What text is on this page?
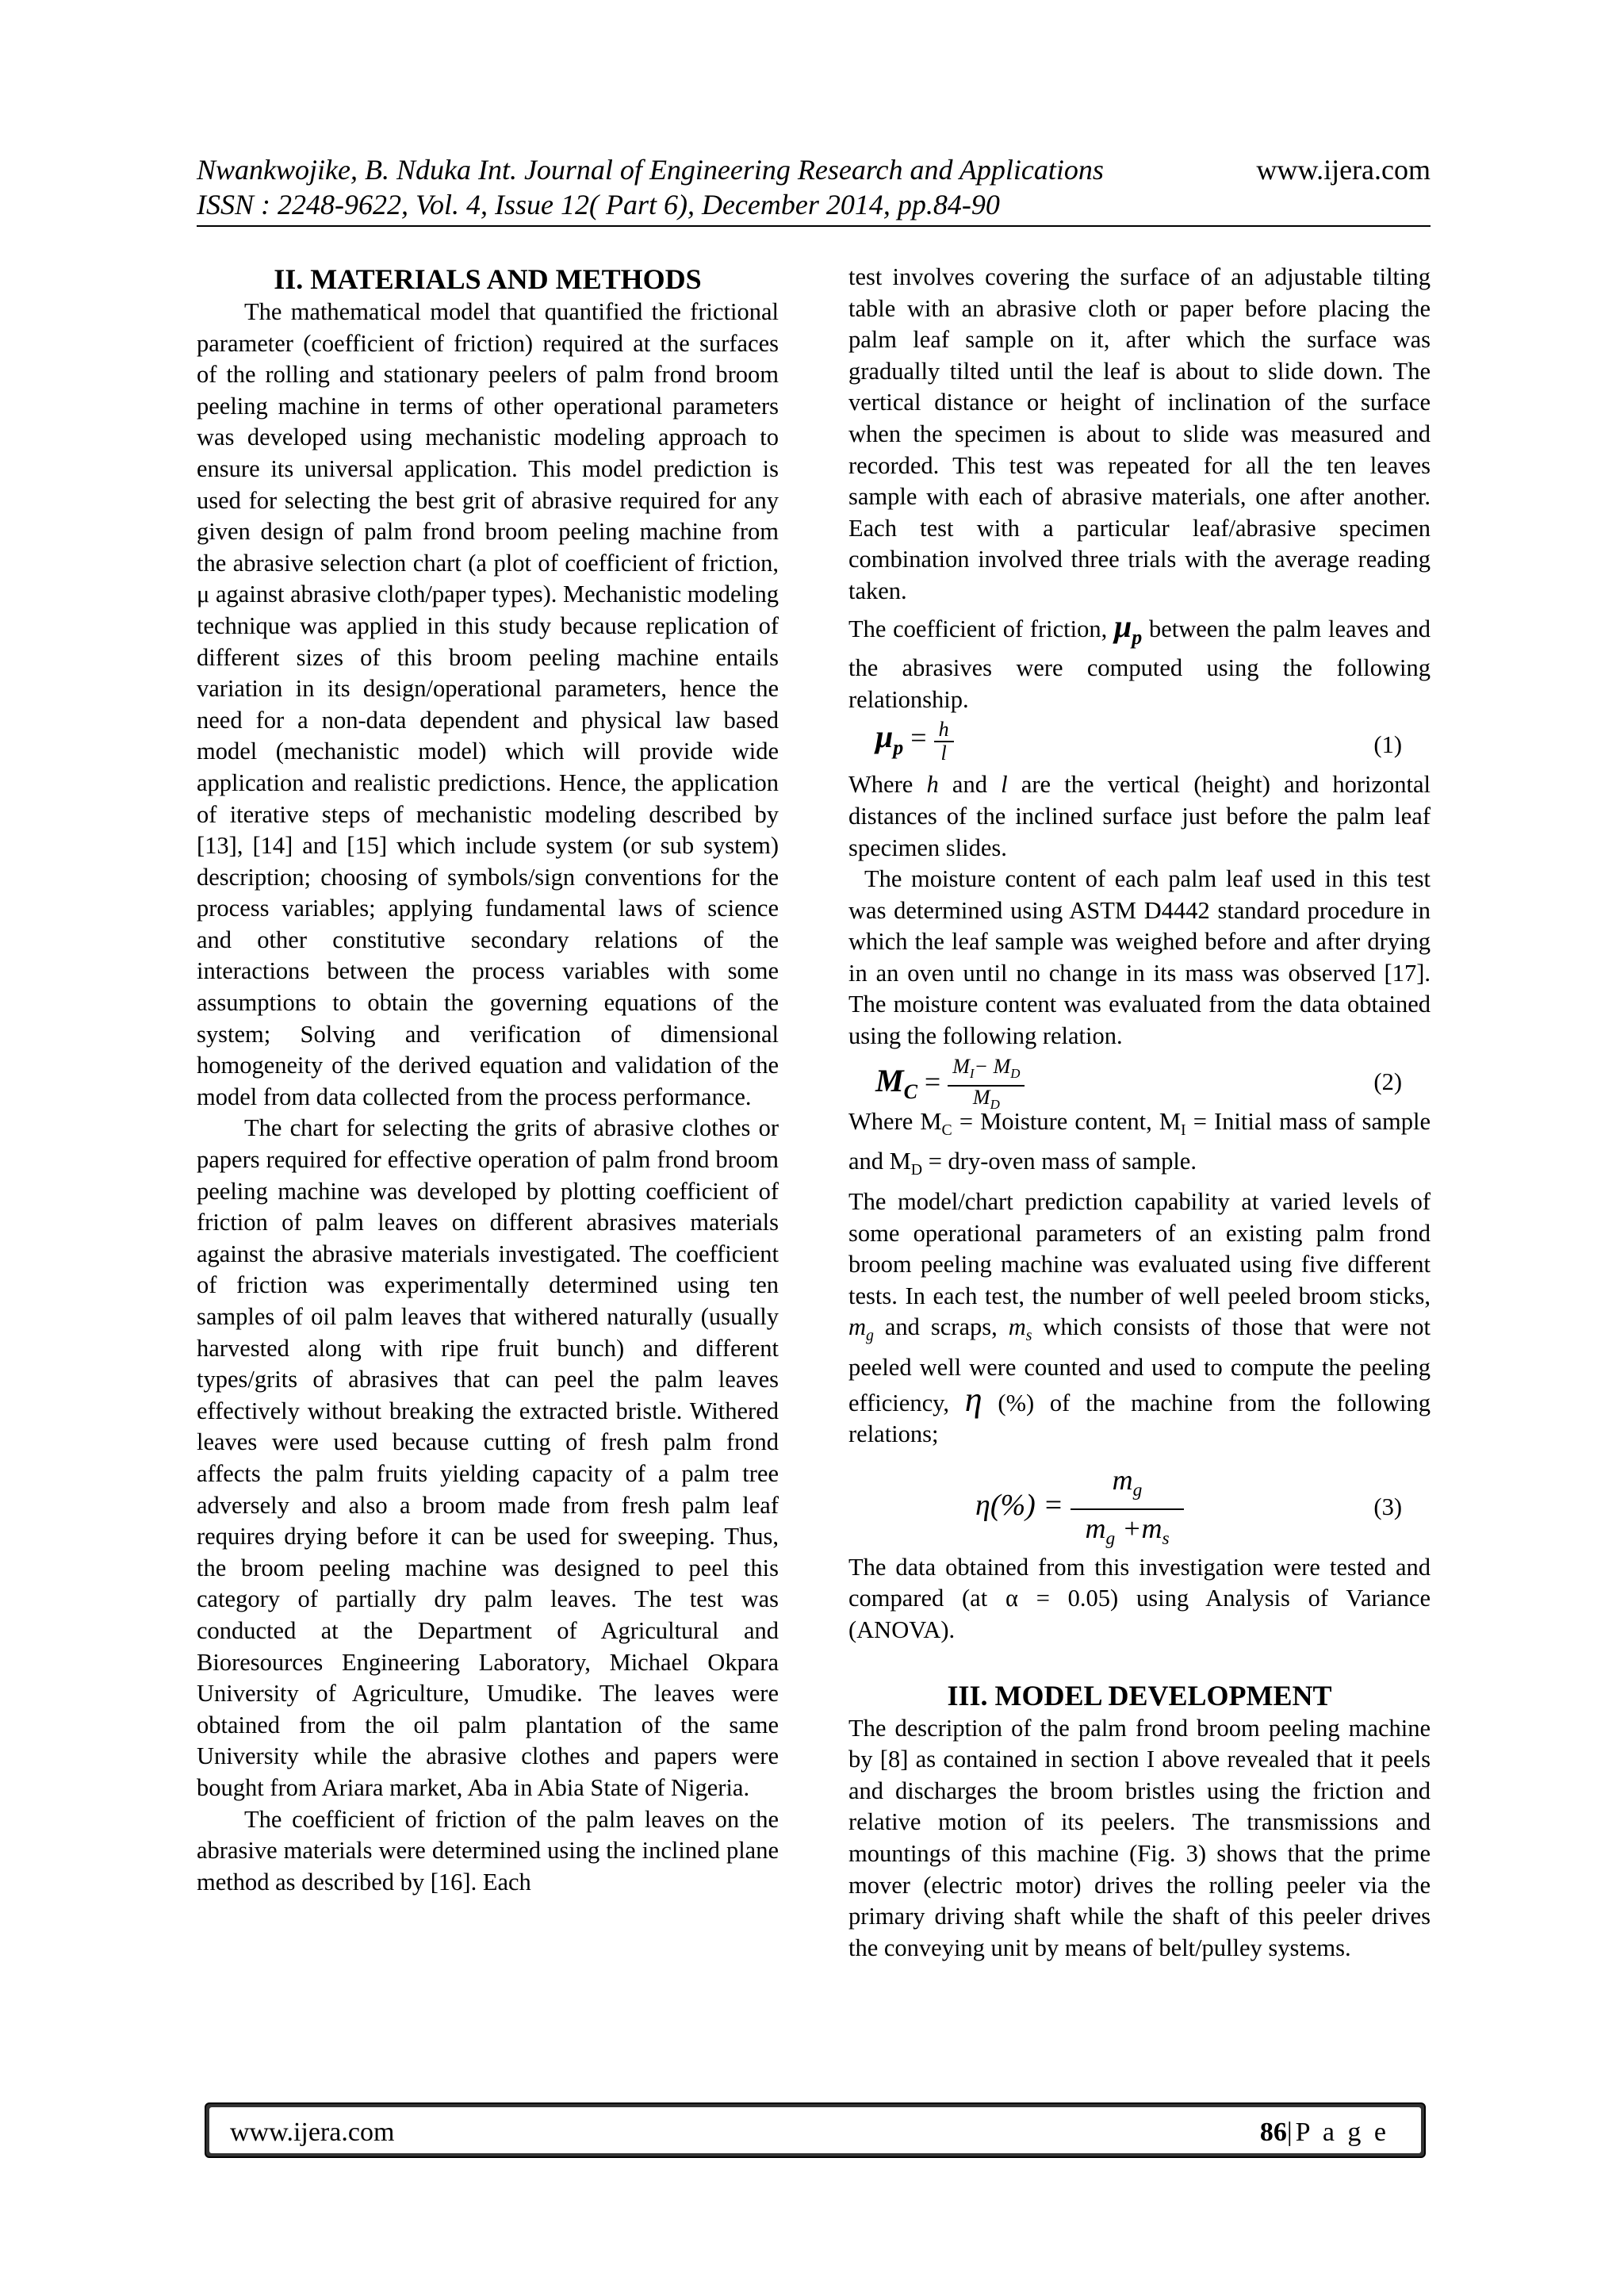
Nwankwojike, B. Nduka Int. Journal of Engineering Research and Applications	www.ijera.com
ISSN : 2248-9622, Vol. 4, Issue 12( Part 6), December 2014, pp.84-90

II. MATERIALS AND METHODS

The mathematical model that quantified the frictional parameter (coefficient of friction) required at the surfaces of the rolling and stationary peelers of palm frond broom peeling machine in terms of other operational parameters was developed using mechanistic modeling approach to ensure its universal application. This model prediction is used for selecting the best grit of abrasive required for any given design of palm frond broom peeling machine from the abrasive selection chart (a plot of coefficient of friction, μ against abrasive cloth/paper types). Mechanistic modeling technique was applied in this study because replication of different sizes of this broom peeling machine entails variation in its design/operational parameters, hence the need for a non-data dependent and physical law based model (mechanistic model) which will provide wide application and realistic predictions. Hence, the application of iterative steps of mechanistic modeling described by [13], [14] and [15] which include system (or sub system) description; choosing of symbols/sign conventions for the process variables; applying fundamental laws of science and other constitutive secondary relations of the interactions between the process variables with some assumptions to obtain the governing equations of the system; Solving and verification of dimensional homogeneity of the derived equation and validation of the model from data collected from the process performance.

The chart for selecting the grits of abrasive clothes or papers required for effective operation of palm frond broom peeling machine was developed by plotting coefficient of friction of palm leaves on different abrasives materials against the abrasive materials investigated. The coefficient of friction was experimentally determined using ten samples of oil palm leaves that withered naturally (usually harvested along with ripe fruit bunch) and different types/grits of abrasives that can peel the palm leaves effectively without breaking the extracted bristle. Withered leaves were used because cutting of fresh palm frond affects the palm fruits yielding capacity of a palm tree adversely and also a broom made from fresh palm leaf requires drying before it can be used for sweeping. Thus, the broom peeling machine was designed to peel this category of partially dry palm leaves. The test was conducted at the Department of Agricultural and Bioresources Engineering Laboratory, Michael Okpara University of Agriculture, Umudike. The leaves were obtained from the oil palm plantation of the same University while the abrasive clothes and papers were bought from Ariara market, Aba in Abia State of Nigeria.

The coefficient of friction of the palm leaves on the abrasive materials were determined using the inclined plane method as described by [16]. Each

test involves covering the surface of an adjustable tilting table with an abrasive cloth or paper before placing the palm leaf sample on it, after which the surface was gradually tilted until the leaf is about to slide down. The vertical distance or height of inclination of the surface when the specimen is about to slide was measured and recorded. This test was repeated for all the ten leaves sample with each of abrasive materials, one after another. Each test with a particular leaf/abrasive specimen combination involved three trials with the average reading taken.

The coefficient of friction, $\mu_p$ between the palm leaves and the abrasives were computed using the following relationship.

$\mu_p = \frac{h}{l}$	(1)

Where h and l are the vertical (height) and horizontal distances of the inclined surface just before the palm leaf specimen slides.

The moisture content of each palm leaf used in this test was determined using ASTM D4442 standard procedure in which the leaf sample was weighed before and after drying in an oven until no change in its mass was observed [17]. The moisture content was evaluated from the data obtained using the following relation.

$M_C = \frac{M_I- M_D}{M_D}$	(2)

Where $M_C$ = Moisture content, $M_I$ = Initial mass of sample and $M_D$ = dry-oven mass of sample.

The model/chart prediction capability at varied levels of some operational parameters of an existing palm frond broom peeling machine was evaluated using five different tests. In each test, the number of well peeled broom sticks, $m_g$ and scraps, $m_s$ which consists of those that were not peeled well were counted and used to compute the peeling efficiency, η (%) of the machine from the following relations;

$\eta(\%) = \frac{m_g}{m_g +m_s}$	(3)

The data obtained from this investigation were tested and compared (at α = 0.05) using Analysis of Variance (ANOVA).

III. MODEL DEVELOPMENT

The description of the palm frond broom peeling machine by [8] as contained in section I above revealed that it peels and discharges the broom bristles using the friction and relative motion of its peelers. The transmissions and mountings of this machine (Fig. 3) shows that the prime mover (electric motor) drives the rolling peeler via the primary driving shaft while the shaft of this peeler drives the conveying unit by means of belt/pulley systems.

www.ijera.com	86|P a g e
